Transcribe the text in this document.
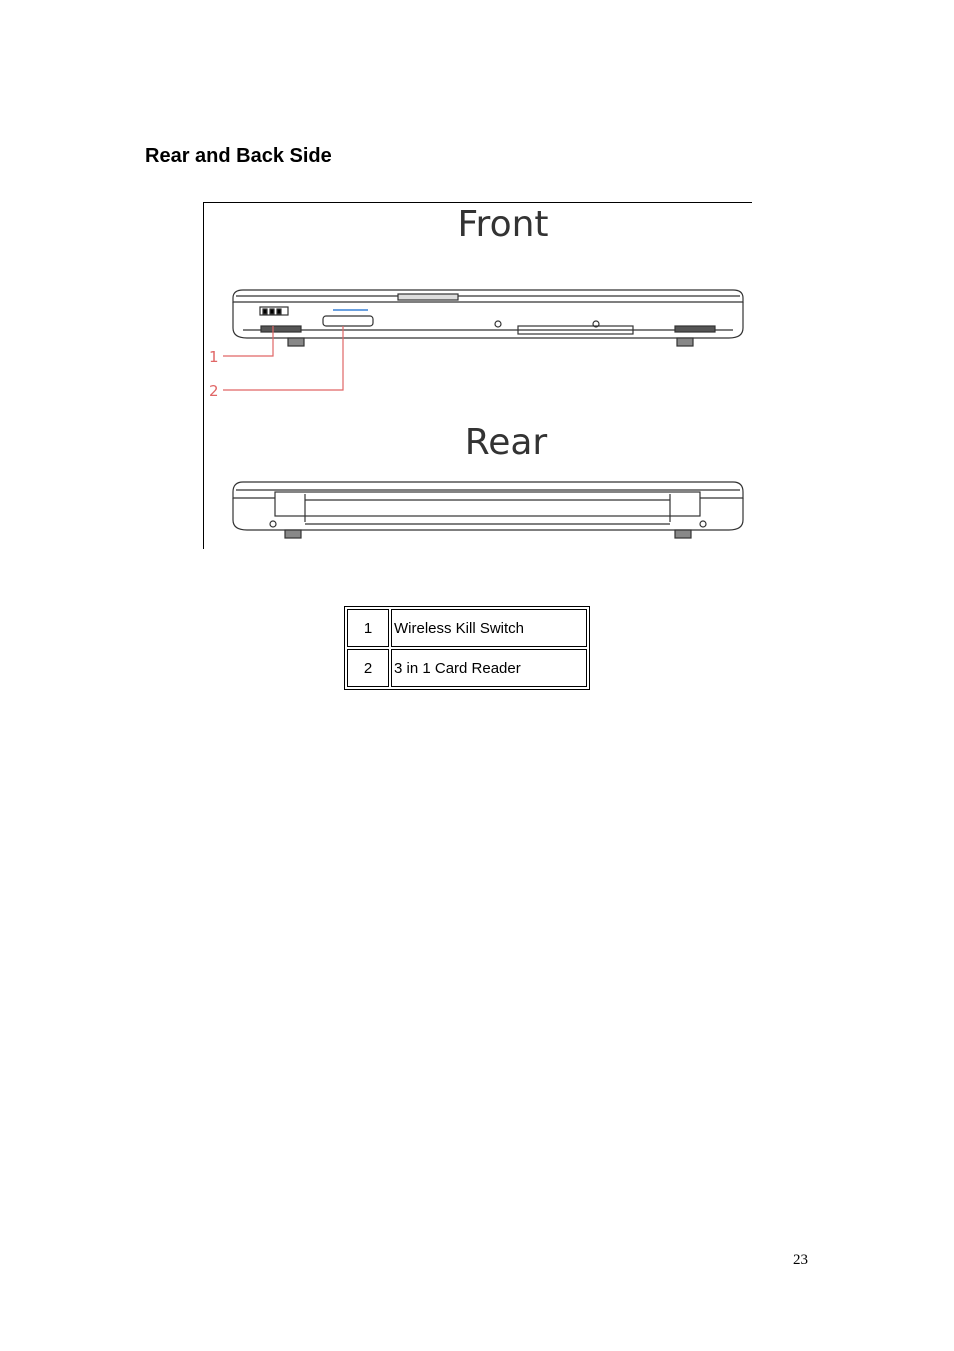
Rear and Back Side
Front
1
2
Rear
1	Wireless Kill Switch
2	3 in 1 Card Reader
23
